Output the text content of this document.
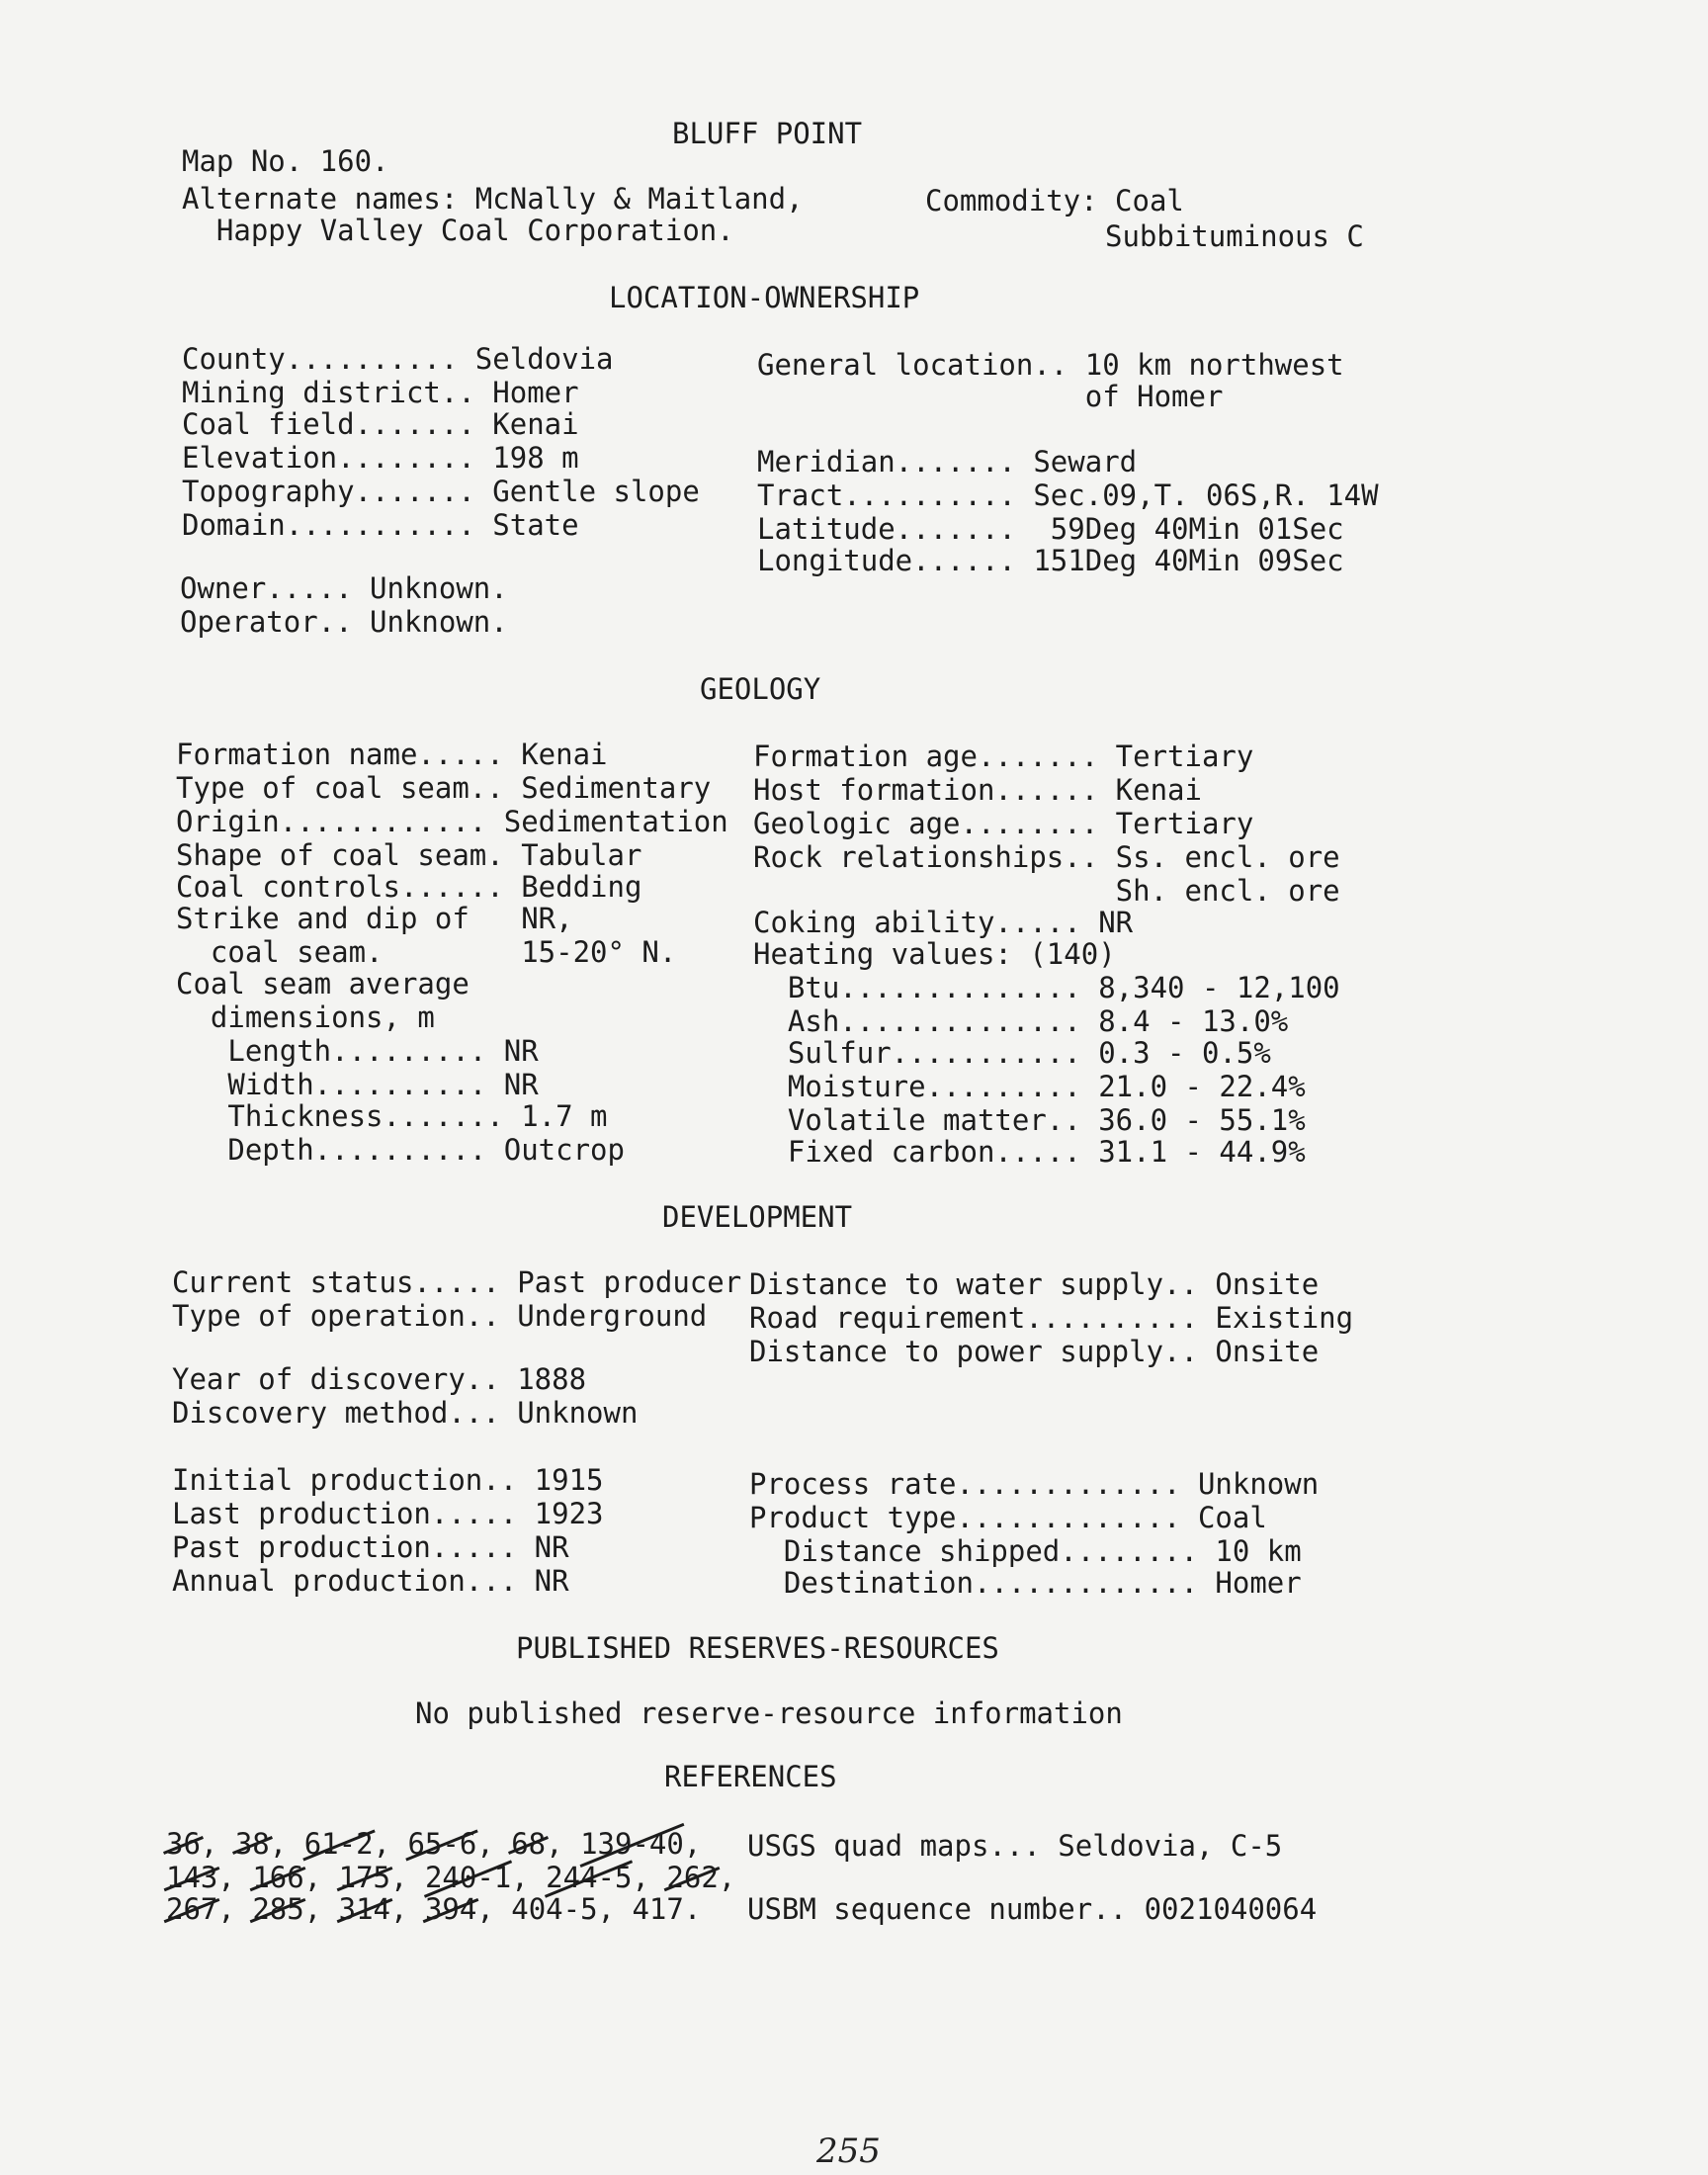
BLUFF POINT
Map No. 160.
Alternate names: McNally & Maitland,
Happy Valley Coal Corporation.
Commodity: Coal
Subbituminous C
LOCATION-OWNERSHIP
County.......... Seldovia
Mining district.. Homer
Coal field....... Kenai
Elevation........ 198 m
Topography....... Gentle slope
Domain........... State
General location.. 10 km northwest
of Homer
Meridian....... Seward
Tract.......... Sec.09,T. 06S,R. 14W
Latitude.......  59Deg 40Min 01Sec
Longitude...... 151Deg 40Min 09Sec
Owner..... Unknown.
Operator.. Unknown.
GEOLOGY
Formation name..... Kenai
Type of coal seam.. Sedimentary
Origin............ Sedimentation
Shape of coal seam. Tabular
Coal controls...... Bedding
Strike and dip of   NR,
coal seam.        15-20° N.
Coal seam average
dimensions, m
Length......... NR
Width.......... NR
Thickness....... 1.7 m
Depth.......... Outcrop
Formation age....... Tertiary
Host formation...... Kenai
Geologic age........ Tertiary
Rock relationships.. Ss. encl. ore
Sh. encl. ore
Coking ability..... NR
Heating values: (140)
Btu.............. 8,340 - 12,100
Ash.............. 8.4 - 13.0%
Sulfur........... 0.3 - 0.5%
Moisture......... 21.0 - 22.4%
Volatile matter.. 36.0 - 55.1%
Fixed carbon..... 31.1 - 44.9%
DEVELOPMENT
Current status..... Past producer
Type of operation.. Underground
Year of discovery.. 1888
Discovery method... Unknown
Initial production.. 1915
Last production..... 1923
Past production..... NR
Annual production... NR
Distance to water supply.. Onsite
Road requirement.......... Existing
Distance to power supply.. Onsite
Process rate............. Unknown
Product type............. Coal
Distance shipped........ 10 km
Destination............. Homer
PUBLISHED RESERVES-RESOURCES
No published reserve-resource information
REFERENCES
36, 38, 61-2, 65-6, 68, 139-40,
143, 166, 175, 240-1, 244-5, 262,
267, 285, 314, 394, 404-5, 417.
USGS quad maps... Seldovia, C-5
USBM sequence number.. 0021040064
255
